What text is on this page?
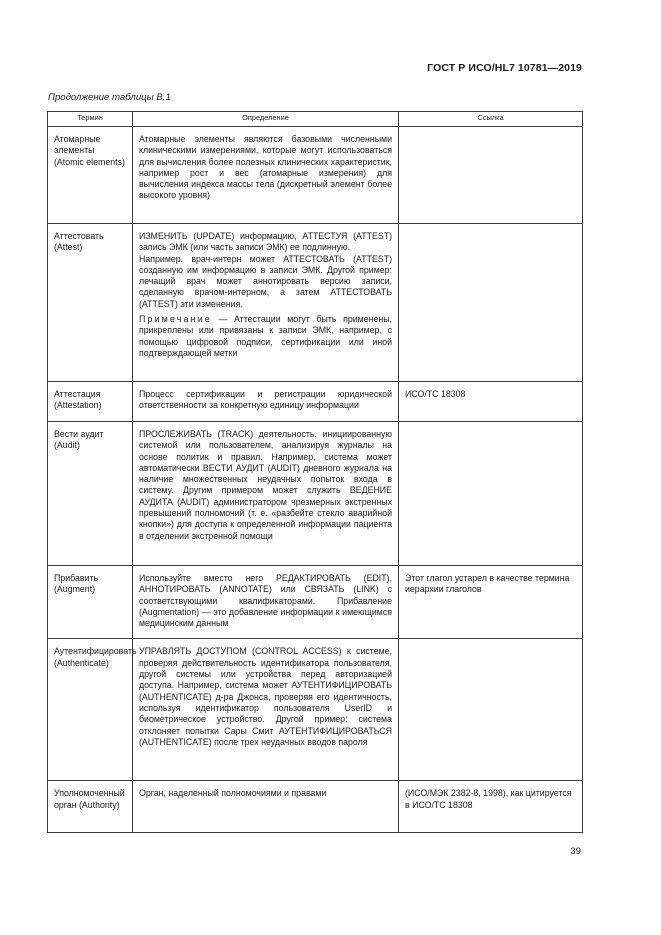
ГОСТ Р ИСО/HL7 10781—2019
Продолжение таблицы В.1
Термин	Определение	Ссылка
Атомарные элементы (Atomic elements)	Атомарные элементы являются базовыми численными клиническими измерениями, которые могут использоваться для вычисления более полезных клинических характеристик, например рост и вес (атомарные измерения) для вычисления индекса массы тела (дискретный элемент более высокого уровня)	
Аттестовать (Attest)	ИЗМЕНИТЬ (UPDATE) информацию, АТТЕСТУЯ (ATTEST) запись ЭМК (или часть записи ЭМК) ее подлинную.

Например, врач-интерн может АТТЕСТОВАТЬ (ATTEST) созданную им информацию в записи ЭМК. Другой пример: лечащий врач может аннотировать версию записи, сделанную врачом-интерном, а затем АТТЕСТОВАТЬ (ATTEST) эти изменения.

Примечание — Аттестации могут быть применены, прикреплены или привязаны к записи ЭМК, например, с помощью цифровой подписи, сертификации или иной подтверждающей метки	

Аттестация (Attestation)	Процесс сертификации и регистрации юридической ответственности за конкретную единицу информации	ИСО/ТС 18308
Вести аудит (Audit)	ПРОСЛЕЖИВАТЬ (TRACK) деятельность, инициированную системой или пользователем, анализируя журналы на основе политик и правил. Например, система может автоматически ВЕСТИ АУДИТ (AUDIT) дневного журнала на наличие множественных неудачных попыток входа в систему. Другим примером может служить ВЕДЕНИЕ АУДИТА (AUDIT) администратором чрезмерных экстренных превышений полномочий (т. е. «разбейте стекло аварийной кнопки») для доступа к определенной информации пациента в отделении экстренной помощи	
Прибавить (Augment)	Используйте вместо него РЕДАКТИРОВАТЬ (EDIT), АННОТИРОВАТЬ (ANNOTATE) или СВЯЗАТЬ (LINK) с соответствующими квалификаторами. Прибавление (Augmentation) — это добавление информации к имеющимся медицинским данным	Этот глагол устарел в качестве термина иерархии глаголов
Аутентифицировать (Authenticate)	УПРАВЛЯТЬ ДОСТУПОМ (CONTROL ACCESS) к системе, проверяя действительность идентификатора пользователя, другой системы или устройства перед авторизацией доступа. Например, система может АУТЕНТИФИЦИРОВАТЬ (AUTHENTICATE) д-ра Джонса, проверяя его идентичность, используя идентификатор пользователя UserID и биометрическое устройство. Другой пример: система отклоняет попытки Сары Смит АУТЕНТИФИЦИРОВАТЬСЯ (AUTHENTICATE) после трех неудачных вводов пароля	
Уполномоченный орган (Authority)	Орган, наделенный полномочиями и правами	(ИСО/МЭК 2382-8, 1998), как цитируется в ИСО/ТС 18308
39
